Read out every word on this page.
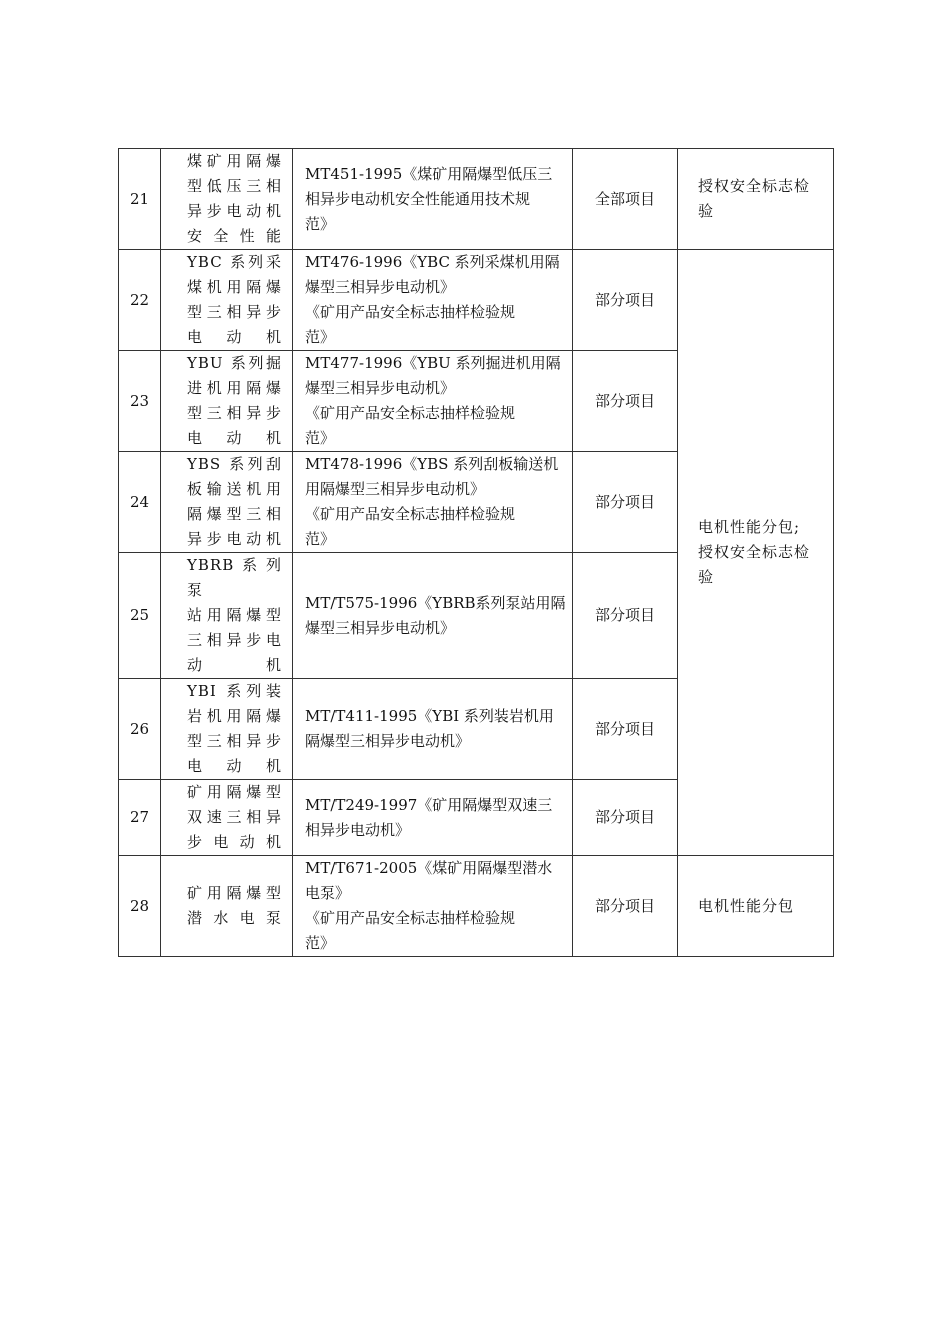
21	煤矿用隔爆
型低压三相
异步电动机
安全性能	MT451-1995《煤矿用隔爆型低压三
相异步电动机安全性能通用技术规
范》	全部项目	授权安全标志检
验

22	YBC 系列采
煤机用隔爆
型三相异步
电动机	MT476-1996《YBC 系列采煤机用隔
爆型三相异步电动机》
《矿用产品安全标志抽样检验规
范》	部分项目	电机性能分包;
授权安全标志检
验

23	YBU 系列掘
进机用隔爆
型三相异步
电动机	MT477-1996《YBU 系列掘进机用隔
爆型三相异步电动机》
《矿用产品安全标志抽样检验规
范》	部分项目	
24	YBS 系列刮
板输送机用
隔爆型三相
异步电动机	MT478-1996《YBS 系列刮板输送机
用隔爆型三相异步电动机》
《矿用产品安全标志抽样检验规
范》	部分项目	
25	YBRB系列泵
站用隔爆型
三相异步电
动机	MT/T575-1996《YBRB系列泵站用隔
爆型三相异步电动机》	部分项目	
26	YBI 系列装
岩机用隔爆
型三相异步
电动机	MT/T411-1995《YBI 系列装岩机用
隔爆型三相异步电动机》	部分项目	
27	矿用隔爆型
双速三相异
步电动机	MT/T249-1997《矿用隔爆型双速三
相异步电动机》	部分项目	
28	矿用隔爆型
潜水电泵	MT/T671-2005《煤矿用隔爆型潜水
电泵》
《矿用产品安全标志抽样检验规
范》	部分项目	电机性能分包
